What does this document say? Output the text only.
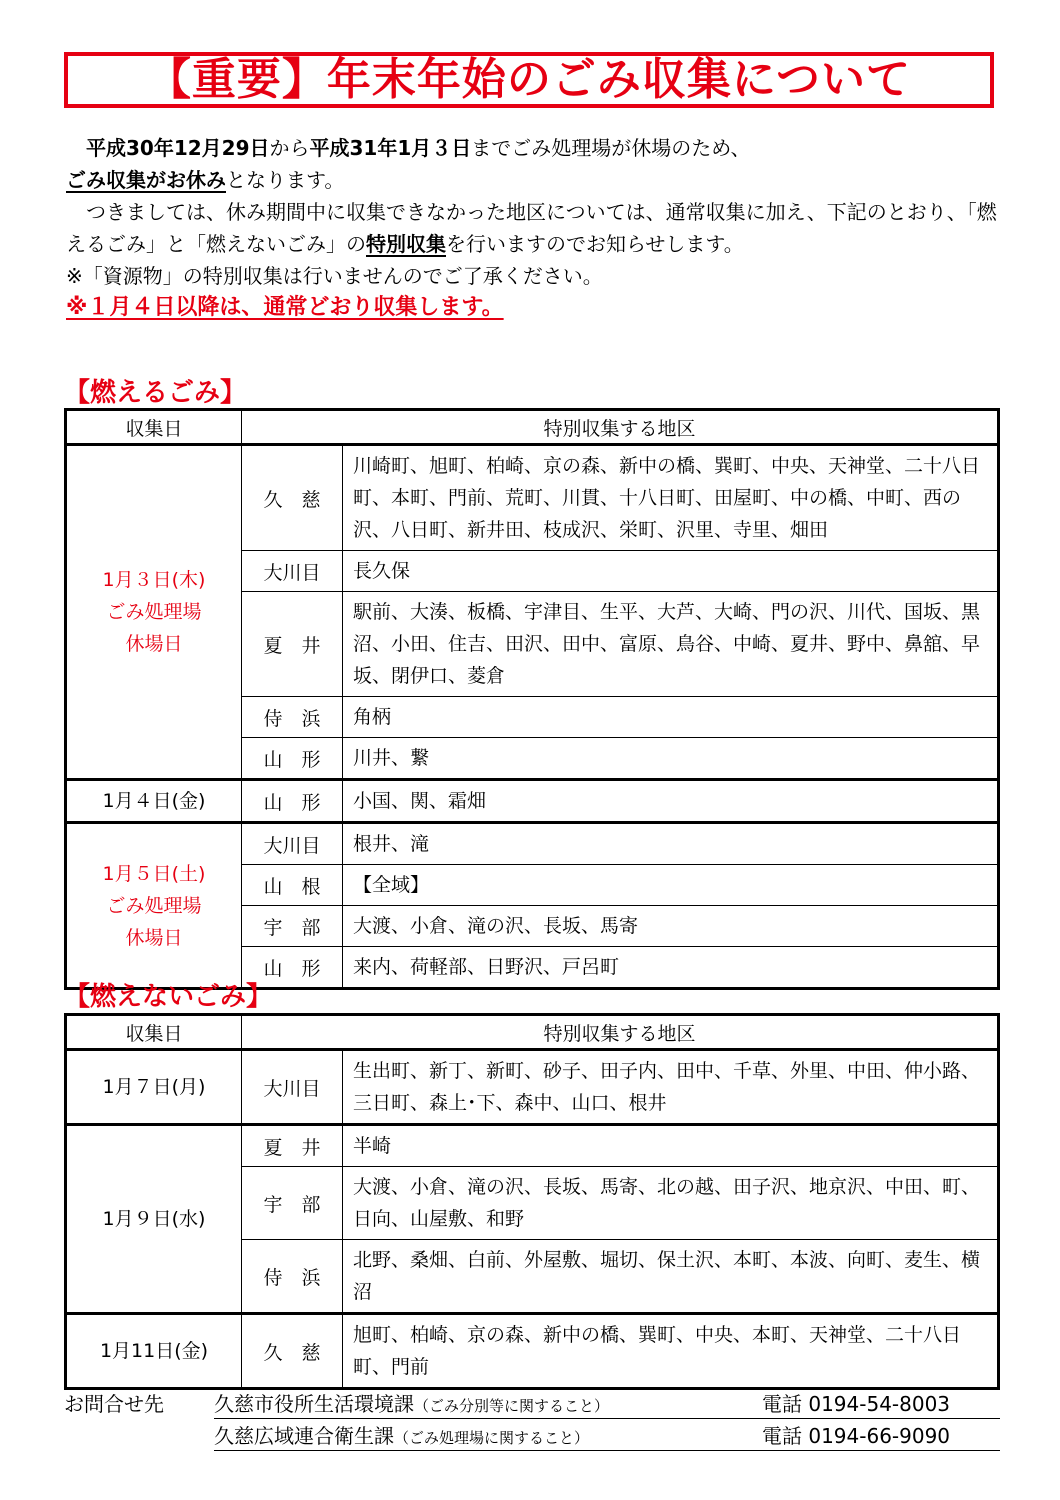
【重要】年末年始のごみ収集について

　平成30年12月29日から平成31年1月３日までごみ処理場が休場のため、
ごみ収集がお休みとなります。

　つきましては、休み期間中に収集できなかった地区については、通常収集に加え、下記のとおり、「燃えるごみ」と「燃えないごみ」の特別収集を行いますのでお知らせします。

※「資源物」の特別収集は行いませんのでご了承ください。

※１月４日以降は、通常どおり収集します。

【燃えるごみ】
収集日	特別収集する地区	
1月３日(木)
ごみ処理場
休場日	久　慈	川崎町、旭町、柏崎、京の森、新中の橋、巽町、中央、天神堂、二十八日町、本町、門前、荒町、川貫、十八日町、田屋町、中の橋、中町、西の沢、八日町、新井田、枝成沢、栄町、沢里、寺里、畑田
	大川目	長久保
	夏　井	駅前、大湊、板橋、宇津目、生平、大芦、大崎、門の沢、川代、国坂、黒沼、小田、住吉、田沢、田中、富原、鳥谷、中崎、夏井、野中、鼻舘、早坂、閉伊口、菱倉
	侍　浜	角柄
	山　形	川井、繋
1月４日(金)	山　形	小国、関、霜畑
1月５日(土)
ごみ処理場
休場日	大川目	根井、滝
	山　根	【全域】
	宇　部	大渡、小倉、滝の沢、長坂、馬寄
	山　形	来内、荷軽部、日野沢、戸呂町
【燃えないごみ】
収集日	特別収集する地区	
1月７日(月)	大川目	生出町、新丁、新町、砂子、田子内、田中、千草、外里、中田、仲小路、三日町、森上･下、森中、山口、根井
1月９日(水)	夏　井	半崎
	宇　部	大渡、小倉、滝の沢、長坂、馬寄、北の越、田子沢、地京沢、中田、町、日向、山屋敷、和野
	侍　浜	北野、桑畑、白前、外屋敷、堀切、保土沢、本町、本波、向町、麦生、横沼
1月11日(金)	久　慈	旭町、柏崎、京の森、新中の橋、巽町、中央、本町、天神堂、二十八日町、門前
お問合せ先	久慈市役所生活環境課（ごみ分別等に関すること）	電話 0194-54-8003
久慈広域連合衛生課（ごみ処理場に関すること）	電話 0194-66-9090
